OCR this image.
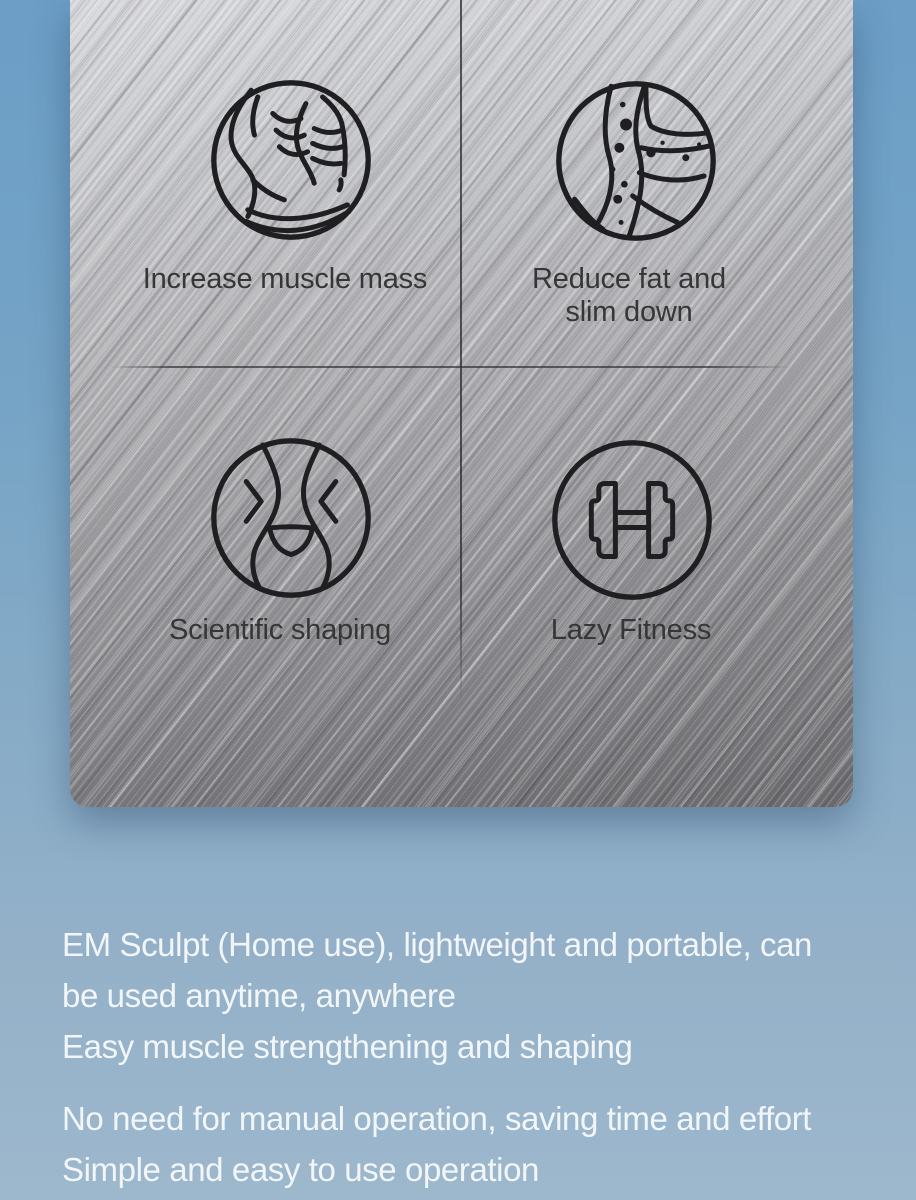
Increase muscle mass	Reduce fat and
slim down
Scientific shaping	Lazy Fitness

EM Sculpt (Home use), lightweight and portable, can
be used anytime, anywhere
Easy muscle strengthening and shaping

No need for manual operation, saving time and effort
Simple and easy to use operation
